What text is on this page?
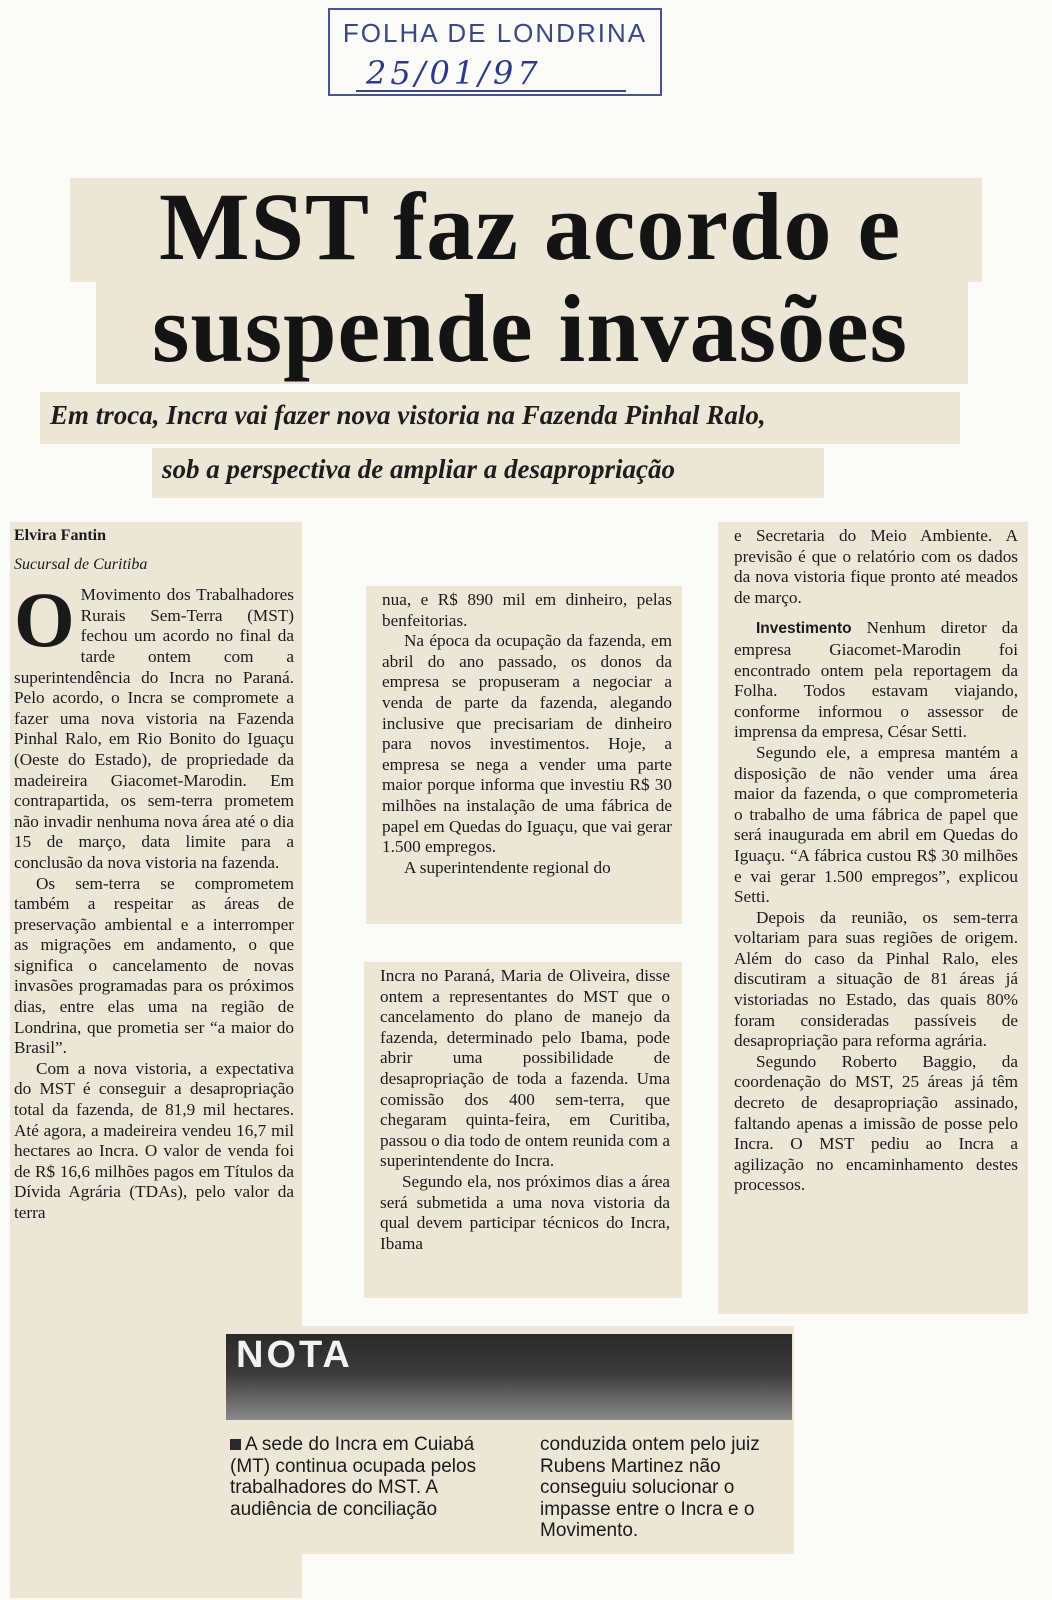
FOLHA DE LONDRINA
25/01/97
MST faz acordo e
suspende invasões
Em troca, Incra vai fazer nova vistoria na Fazenda Pinhal Ralo,
sob a perspectiva de ampliar a desapropriação
Elvira Fantin
Sucursal de Curitiba

O Movimento dos Trabalhadores Rurais Sem-Terra (MST) fechou um acordo no final da tarde ontem com a superintendência do Incra no Paraná. Pelo acordo, o Incra se compromete a fazer uma nova vistoria na Fazenda Pinhal Ralo, em Rio Bonito do Iguaçu (Oeste do Estado), de propriedade da madeireira Giacomet-Marodin. Em contrapartida, os sem-terra prometem não invadir nenhuma nova área até o dia 15 de março, data limite para a conclusão da nova vistoria na fazenda.

Os sem-terra se comprometem também a respeitar as áreas de preservação ambiental e a interromper as migrações em andamento, o que significa o cancelamento de novas invasões programadas para os próximos dias, entre elas uma na região de Londrina, que prometia ser “a maior do Brasil”.

Com a nova vistoria, a expectativa do MST é conseguir a desapropriação total da fazenda, de 81,9 mil hectares. Até agora, a madeireira vendeu 16,7 mil hectares ao Incra. O valor de venda foi de R$ 16,6 milhões pagos em Títulos da Dívida Agrária (TDAs), pelo valor da terra

nua, e R$ 890 mil em dinheiro, pelas benfeitorias.

Na época da ocupação da fazenda, em abril do ano passado, os donos da empresa se propuseram a negociar a venda de parte da fazenda, alegando inclusive que precisariam de dinheiro para novos investimentos. Hoje, a empresa se nega a vender uma parte maior porque informa que investiu R$ 30 milhões na instalação de uma fábrica de papel em Quedas do Iguaçu, que vai gerar 1.500 empregos.

A superintendente regional do

Incra no Paraná, Maria de Oliveira, disse ontem a representantes do MST que o cancelamento do plano de manejo da fazenda, determinado pelo Ibama, pode abrir uma possibilidade de desapropriação de toda a fazenda. Uma comissão dos 400 sem-terra, que chegaram quinta-feira, em Curitiba, passou o dia todo de ontem reunida com a superintendente do Incra.

Segundo ela, nos próximos dias a área será submetida a uma nova vistoria da qual devem participar técnicos do Incra, Ibama

e Secretaria do Meio Ambiente. A previsão é que o relatório com os dados da nova vistoria fique pronto até meados de março.

Investimento Nenhum diretor da empresa Giacomet-Marodin foi encontrado ontem pela reportagem da Folha. Todos estavam viajando, conforme informou o assessor de imprensa da empresa, César Setti.

Segundo ele, a empresa mantém a disposição de não vender uma área maior da fazenda, o que comprometeria o trabalho de uma fábrica de papel que será inaugurada em abril em Quedas do Iguaçu. “A fábrica custou R$ 30 milhões e vai gerar 1.500 empregos”, explicou Setti.

Depois da reunião, os sem-terra voltariam para suas regiões de origem. Além do caso da Pinhal Ralo, eles discutiram a situação de 81 áreas já vistoriadas no Estado, das quais 80% foram consideradas passíveis de desapropriação para reforma agrária.

Segundo Roberto Baggio, da coordenação do MST, 25 áreas já têm decreto de desapropriação assinado, faltando apenas a imissão de posse pelo Incra. O MST pediu ao Incra a agilização no encaminhamento destes processos.

NOTA
A sede do Incra em Cuiabá (MT) continua ocupada pelos trabalhadores do MST. A audiência de conciliação
conduzida ontem pelo juiz Rubens Martinez não conseguiu solucionar o impasse entre o Incra e o Movimento.
